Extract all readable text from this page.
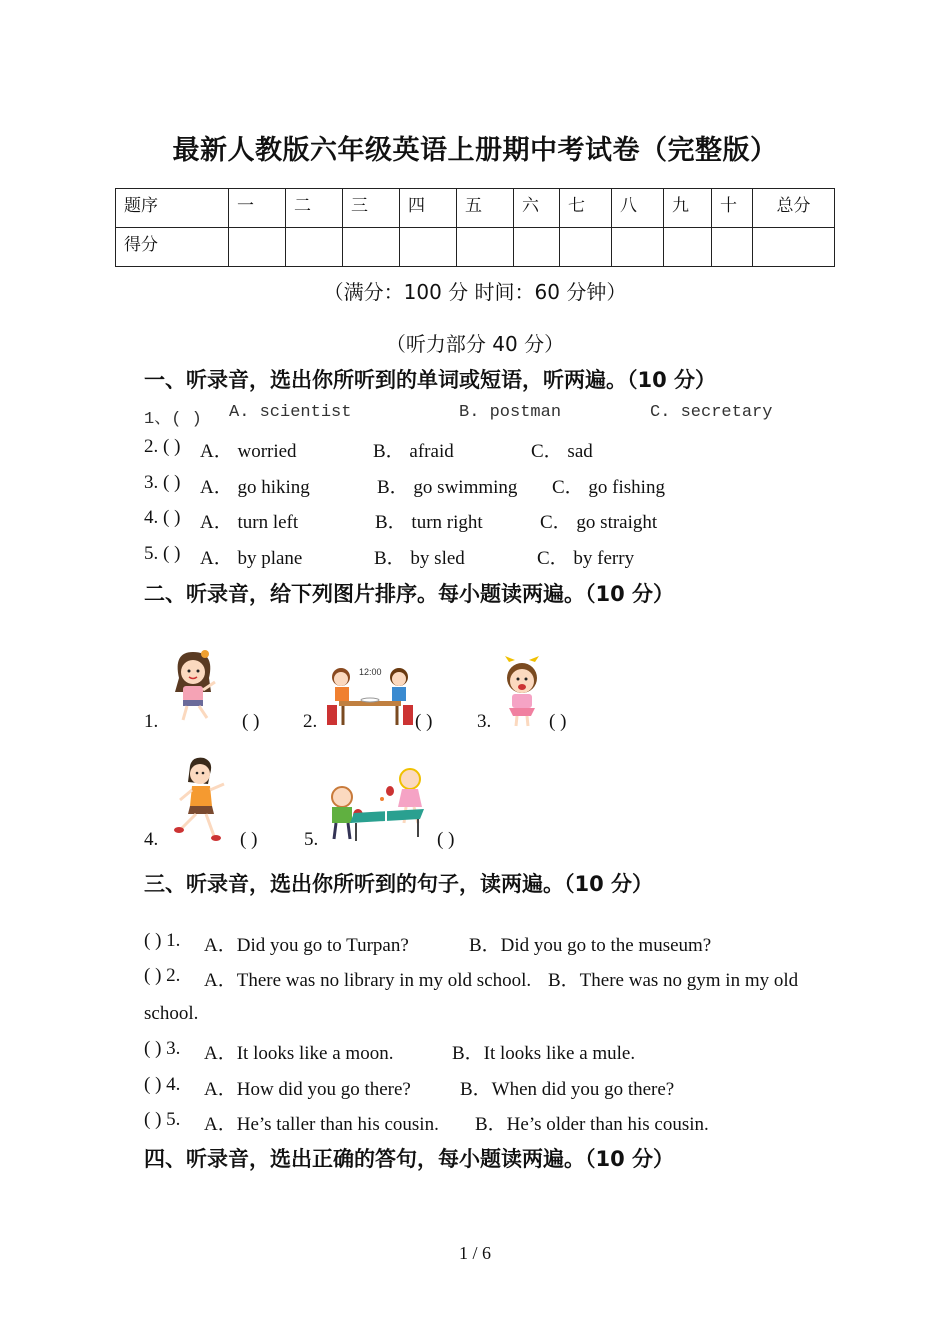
最新人教版六年级英语上册期中考试卷（完整版）
题序	一	二	三	四	五	六	七	八	九	十	总分
得分											
（满分：100 分 时间：60 分钟）
（听力部分 40 分）
一、听录音，选出你所听到的单词或短语，听两遍。（10 分）
1、( ) A. scientist	B. postman	C. secretary
2. ( ) A． worried	B． afraid	C． sad
3. ( ) A． go hiking	B． go swimming C． go fishing
4. ( ) A． turn left	B． turn right	C． go straight
5. ( ) A． by plane	B． by sled	C． by ferry
二、听录音，给下列图片排序。每小题读两遍。（10 分）
1.	( ) 2.
12:00
( ) 3.	( )
4.	( ) 5.	( )
三、听录音，选出你所听到的句子，读两遍。（10 分）
( ) 1. A．Did you go to Turpan?	B．Did you go to the museum?
( ) 2. A．There was no library in my old school. B．There was no gym in my old
school.
( ) 3. A．It looks like a moon.	B．It looks like a mule.
( ) 4. A．How did you go there?	B．When did you go there?
( ) 5. A．He’s taller than his cousin. B．He’s older than his cousin.
四、听录音，选出正确的答句，每小题读两遍。（10 分）
1 / 6
